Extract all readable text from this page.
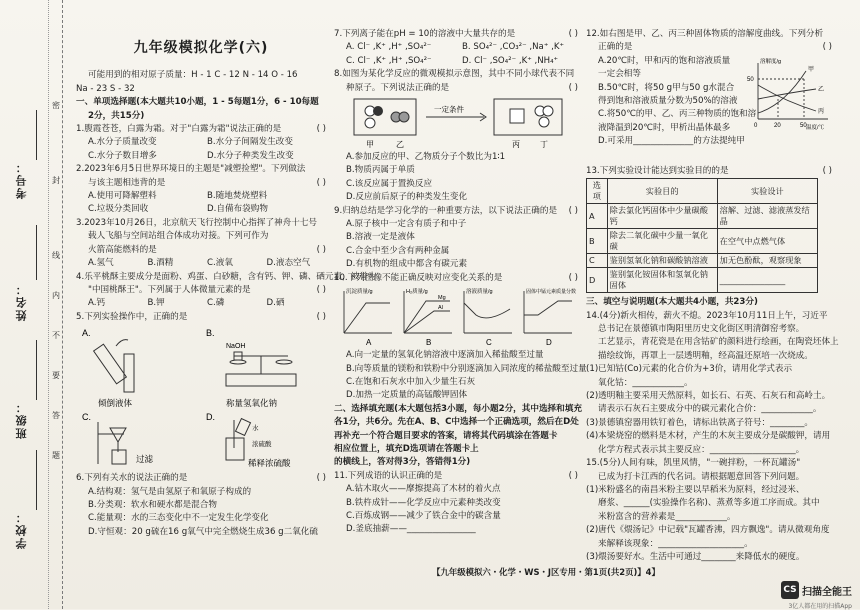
考号：
姓名：
班级：
学校：
密
封
线
内
不
要
答
题
九年级模拟化学(六)

可能用到的相对原子质量：H - 1 C - 12 N - 14 O - 16

Na - 23 S - 32

一、单项选择题(本大题共10小题，1 - 5每题1分，6 - 10每题

2分，共15分)

1.腹霞苍苍，白露为霜。对于"白露为霜"说法正确的是	( )

A.水分子质量改变	B.水分子间隔发生改变
C.水分子数目增多	D.水分子种类发生改变

2.2023年6月5日世界环境日的主题是"减塑捡塑"。下列做法

与该主题相违背的是	( )

A.使用可降解塑料	B.随地焚烧塑料
C.垃圾分类回收	D.自備布袋购物

3.2023年10月26日，北京航天飞行控制中心指挥了神舟十七号

载人飞船与空间站组合体成功对接。下列可作为

火箭高能燃料的是	( )

A.氢气	B.酒精	C.液氧	D.液态空气

4.乐平桃酥主要成分是面粉、鸡蛋、白砂糖，含有钙、钾、磷、硒元素，被誉为

"中国桃酥王"。下列属于人体微量元素的是	( )

A.钙	B.钾	C.磷	D.硒

5.下列实验操作中，正确的是	( )

A.
倾倒液体
B.
NaOH
称量氢氧化钠
C.
过滤
D.
水
浓硫酸
稀释浓硫酸

6.下列有关水的说法正确的是	( )

A.结构观：氢气是由氢原子和氧原子构成的

B.分类观：软水和硬水都是混合物

C.能量观：水的三态变化中不一定发生化学变化

D.守恒观：20 g硫在16 g氧气中完全燃烧生成36 g二氧化硫

7.下列离子能在pH = 10的溶液中大量共存的是	( )

A. Cl⁻ ,K⁺ ,H⁺ ,SO₄²⁻	B. SO₄²⁻ ,CO₃²⁻ ,Na⁺ ,K⁺
C. Cl⁻ ,K⁺ ,H⁺ ,SO₄²⁻	D. Cl⁻ ,SO₄²⁻ ,K⁺ ,NH₄⁺

8.如图为某化学反应的微观模拟示意图，其中不同小球代表不同

种原子。下列说法正确的是	( )

甲	乙
一定条件
丙	丁

A.参加反应的甲、乙物质分子个数比为1∶1

B.物质丙属于单质

C.该反应属于置换反应

D.反应前后原子的种类发生变化

9.归纳总结是学习化学的一种重要方法，以下说法正确的是 ( )

A.原子核中一定含有质子和中子

B.溶液一定是液体

C.合金中至少含有两种金属

D.有机物的组成中都含有碳元素

10.下列图像不能正确反映对应变化关系的是	( )

沉淀质量/g	H₂质量/g
Mg
Al
溶液质量/g	固体中锰元素质量分数
A	B	C	D

A.向一定量的氢氧化钠溶液中逐滴加入稀盐酸至过量

B.向等质量的镁粉和铁粉中分别逐滴加入同浓度的稀盐酸至过量

C.在饱和石灰水中加入少量生石灰

D.加热一定质量的高锰酸钾固体

二、选择填充题(本大题包括3小题，每小题2分，其中选择和填充

各1分，共6分。先在A、B、C中选择一个正确选项，然后在D处

再补充一个符合题目要求的答案，请将其代码填涂在答题卡

相应位置上，填充D选项请在答题卡上

的横线上，答对得3分，答错得1分)

11.下列成语的认识正确的是	( )

A.钻木取火——摩擦提高了木材的着火点

B.铁杵成针——化学反应中元素种类改变

C.百炼成钢——减少了铁合金中的碳含量

D.釜底抽薪——________________

12.如右图是甲、乙、丙三种固体物质的溶解度曲线。下列分析

正确的是	( )

A.20℃时，甲和丙的饱和溶液质量

一定会相等

B.50℃时，将50 g甲与50 g水混合

得到饱和溶液质量分数为50%的溶液

C.将50℃的甲、乙、丙三种物质的饱和溶

液降温到20℃时，甲析出晶体最多

D.可采用______________的方法提纯甲

溶解度/g
温度/℃
50
0	20	50
甲
乙
丙

13.下列实验设计能达到实验目的的是	( )

选项	实验目的	实验设计
A	除去氯化钙固体中少量碳酸钙	溶解、过滤、滤液蒸发结晶
B	除去二氧化碳中少量一氧化碳	在空气中点燃气体
C	鉴别氢氧化钠和碳酸钠溶液	加无色酚酞，观察现象
D	鉴别氯化铵固体和氢氧化钠固体	________________

三、填空与说明题(本大题共4小题，共23分)

14.(4分)新火相传，薪火不熄。2023年10月11日上午，习近平

总书记在景德镇市陶阳里历史文化街区明清御窑考察。

工艺显示，青花瓷是在用含钴矿的颜料进行绘画，在陶瓷坯体上

描绘纹饰，再罩上一层透明釉，经高温还原培一次烧成。

(1)已知钴(Co)元素的化合价为+3价，请用化学式表示

氧化钴：____________。

(2)透明釉主要采用天然原料，如长石、石英、石灰石和高岭土。

请表示石灰石主要成分中的碳元素化合价：____________。

(3)景德镇窑器用铁钉着色，请标出铁离子符号：________。

(4)本梁烧窑的燃料是木材，产生的木灰主要成分是碳酸钾，请用

化学方程式表示其主要反应：____________________。

15.(5分)人间有味，凯里风情，"一碗拌粉，一杯瓦罐汤"

已成为打卡江西的代名词。请根据题意回答下列问题。

(1)米粉盛名的南昌米粉主要以早稻米为原料，经过浸米、

磨浆、______(实验操作名称)、蒸煮等多道工序而成。其中

米粉富含的营养素是____________。

(2)唐代《煨汤记》中记载"瓦罐香沸，四方飘逸"。请从微观角度

来解释该现象：____________________。

(3)煨汤要好水。生活中可通过________来降低水的硬度。

【九年级模拟六・化学・WS・J区专用・第1页(共2页)】4】
CS 扫描全能王
3亿人都在用的扫描App
